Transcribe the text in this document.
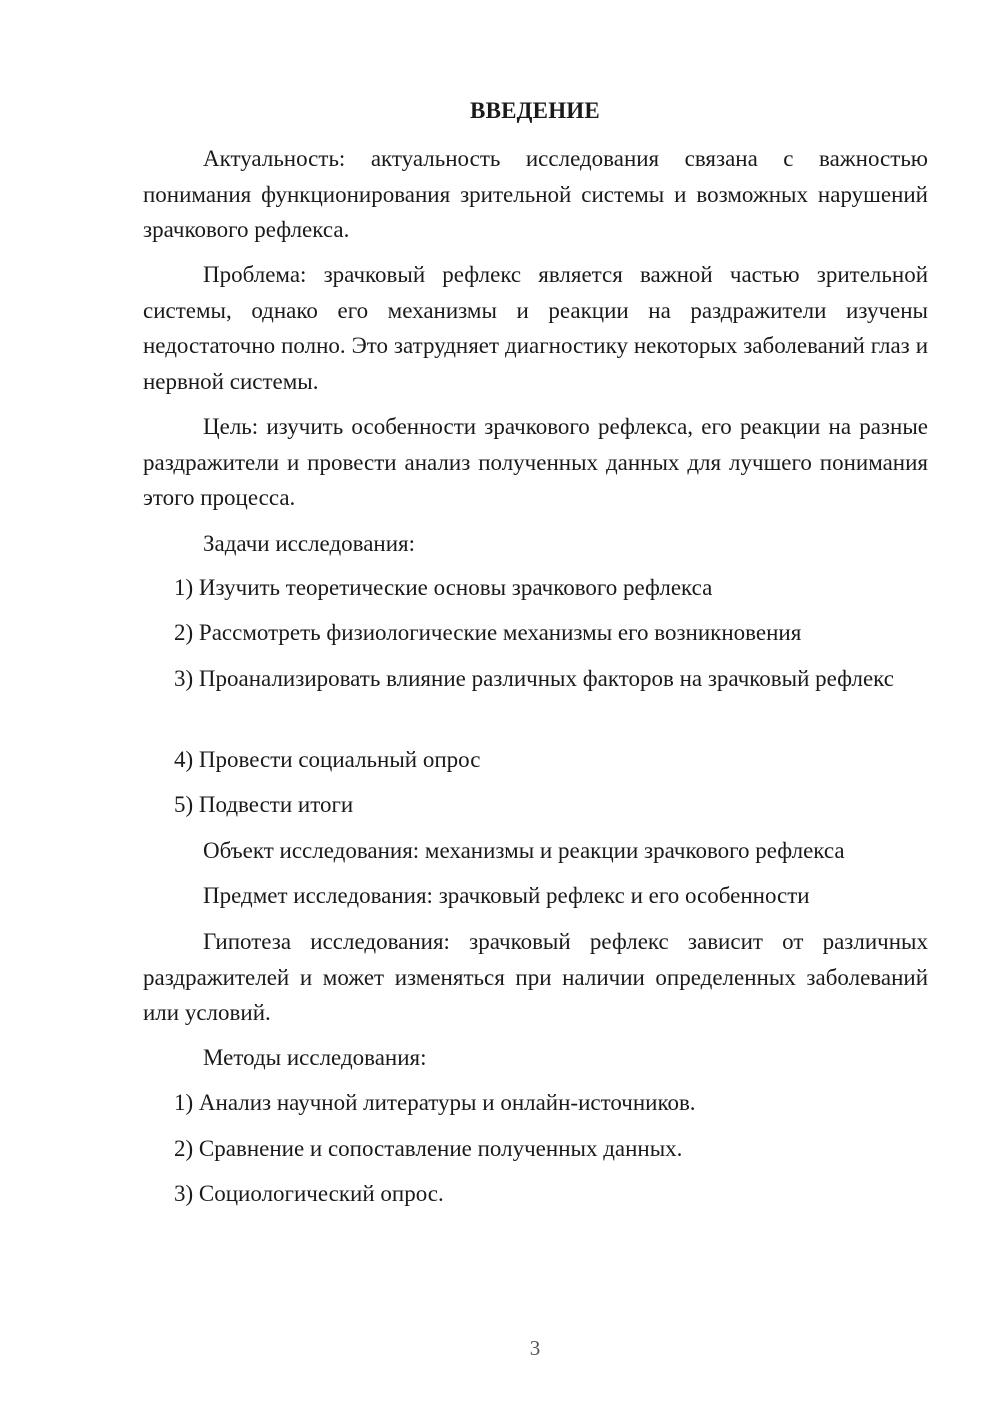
ВВЕДЕНИЕ

Актуальность: актуальность исследования связана с важностью понимания функционирования зрительной системы и возможных нарушений зрачкового рефлекса.

Проблема: зрачковый рефлекс является важной частью зрительной системы, однако его механизмы и реакции на раздражители изучены недостаточно полно. Это затрудняет диагностику некоторых заболеваний глаз и нервной системы.

Цель: изучить особенности зрачкового рефлекса, его реакции на разные раздражители и провести анализ полученных данных для лучшего понимания этого процесса.

Задачи исследования:

1) Изучить теоретические основы зрачкового рефлекса

2) Рассмотреть физиологические механизмы его возникновения

3) Проанализировать влияние различных факторов на зрачковый рефлекс

4) Провести социальный опрос

5) Подвести итоги

Объект исследования: механизмы и реакции зрачкового рефлекса

Предмет исследования: зрачковый рефлекс и его особенности

Гипотеза исследования: зрачковый рефлекс зависит от различных раздражителей и может изменяться при наличии определенных заболеваний или условий.

Методы исследования:

1) Анализ научной литературы и онлайн-источников.

2) Сравнение и сопоставление полученных данных.

3) Социологический опрос.

3
